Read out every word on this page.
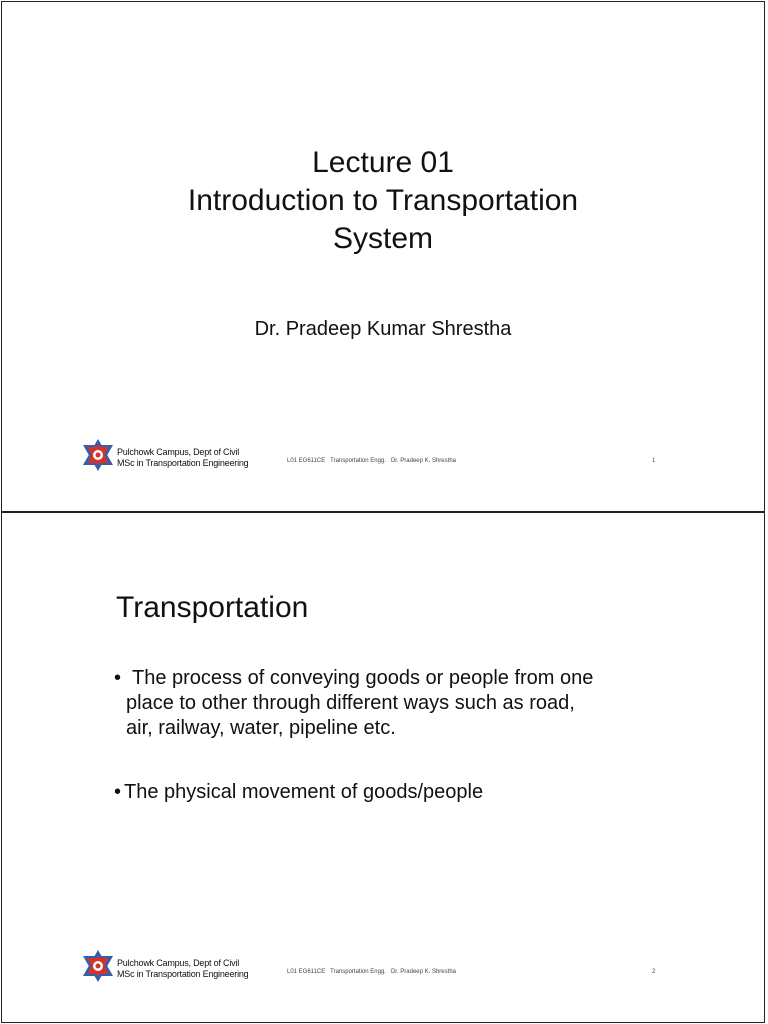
Lecture 01
Introduction to Transportation
System
Dr. Pradeep Kumar Shrestha
Pulchowk Campus, Dept of Civil
MSc in Transportation Engineering	L01 EG611CE   Transportation Engg.   Dr. Pradeep K. Shrestha	1
Transportation
• The process of conveying goods or people from one
place to other through different ways such as road,
air, railway, water, pipeline etc.
• The physical movement of goods/people
Pulchowk Campus, Dept of Civil
MSc in Transportation Engineering	L01 EG611CE   Transportation Engg.   Dr. Pradeep K. Shrestha	2
